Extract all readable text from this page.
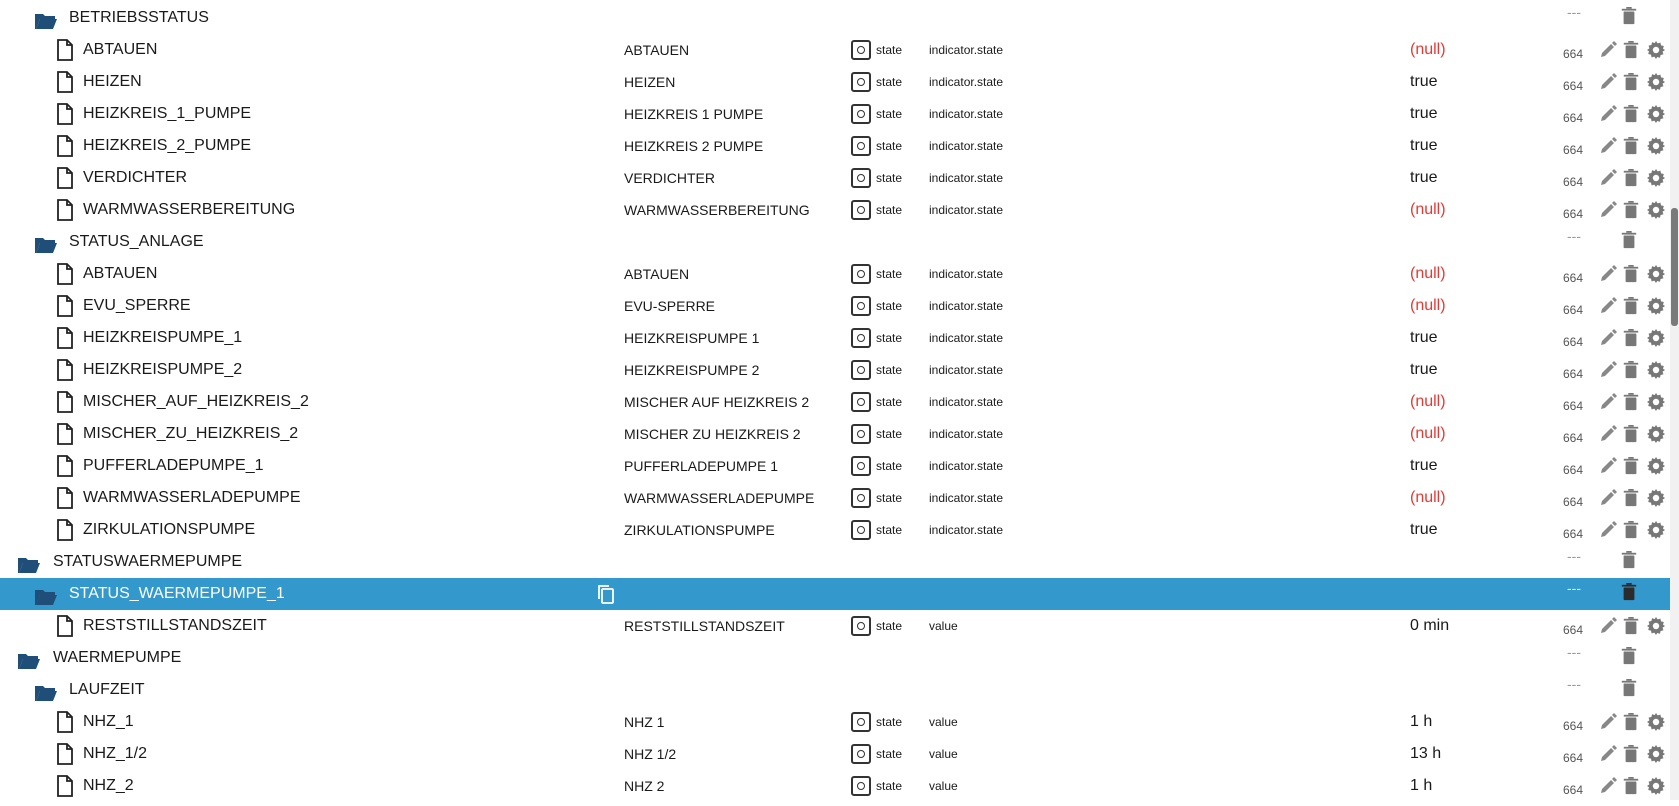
BETRIEBSSTATUS	---
ABTAUEN	ABTAUEN	state indicator.state	(null)	664
HEIZEN	HEIZEN	state indicator.state	true	664
HEIZKREIS_1_PUMPE	HEIZKREIS 1 PUMPE	state indicator.state	true	664
HEIZKREIS_2_PUMPE	HEIZKREIS 2 PUMPE	state indicator.state	true	664
VERDICHTER	VERDICHTER	state indicator.state	true	664
WARMWASSERBEREITUNG	WARMWASSERBEREITUNG	state indicator.state	(null)	664
STATUS_ANLAGE	---
ABTAUEN	ABTAUEN	state indicator.state	(null)	664
EVU_SPERRE	EVU-SPERRE	state indicator.state	(null)	664
HEIZKREISPUMPE_1	HEIZKREISPUMPE 1	state indicator.state	true	664
HEIZKREISPUMPE_2	HEIZKREISPUMPE 2	state indicator.state	true	664
MISCHER_AUF_HEIZKREIS_2	MISCHER AUF HEIZKREIS 2	state indicator.state	(null)	664
MISCHER_ZU_HEIZKREIS_2	MISCHER ZU HEIZKREIS 2	state indicator.state	(null)	664
PUFFERLADEPUMPE_1	PUFFERLADEPUMPE 1	state indicator.state	true	664
WARMWASSERLADEPUMPE	WARMWASSERLADEPUMPE	state indicator.state	(null)	664
ZIRKULATIONSPUMPE	ZIRKULATIONSPUMPE	state indicator.state	true	664
STATUSWAERMEPUMPE	---
STATUS_WAERMEPUMPE_1	---
RESTSTILLSTANDSZEIT	RESTSTILLSTANDSZEIT	state value	0 min	664
WAERMEPUMPE	---
LAUFZEIT	---
NHZ_1	NHZ 1	state value	1 h	664
NHZ_1/2	NHZ 1/2	state value	13 h	664
NHZ_2	NHZ 2	state value	1 h	664
